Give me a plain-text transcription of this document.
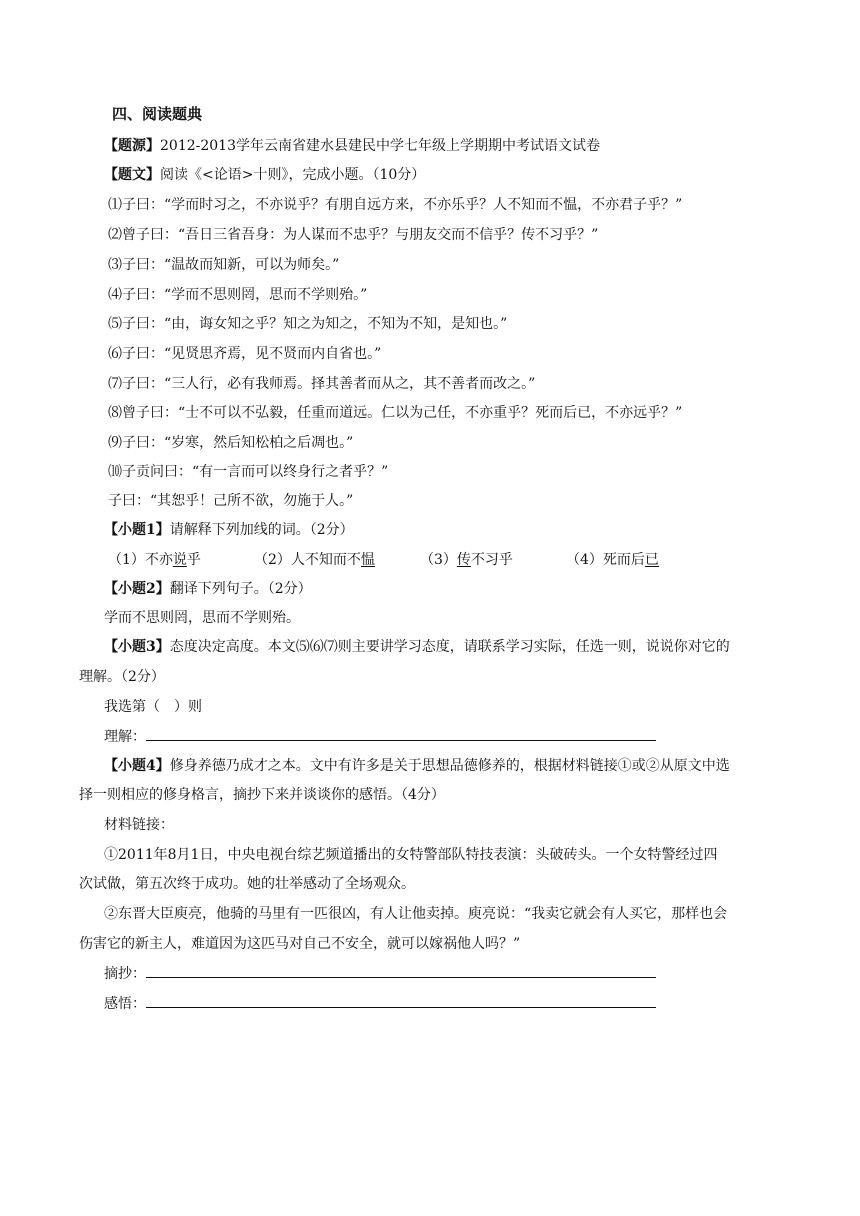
四、阅读题典
【题源】2012-2013学年云南省建水县建民中学七年级上学期期中考试语文试卷
【题文】阅读《<论语>十则》，完成小题。（10分）
⑴子曰：“学而时习之，不亦说乎？有朋自远方来，不亦乐乎？人不知而不愠，不亦君子乎？”
⑵曾子曰：“吾日三省吾身：为人谋而不忠乎？与朋友交而不信乎？传不习乎？”
⑶子曰：“温故而知新，可以为师矣。”
⑷子曰：“学而不思则罔，思而不学则殆。”
⑸子曰：“由，诲女知之乎？知之为知之，不知为不知，是知也。”
⑹子曰：“见贤思齐焉，见不贤而内自省也。”
⑺子曰：“三人行，必有我师焉。择其善者而从之，其不善者而改之。”
⑻曾子曰：“士不可以不弘毅，任重而道远。仁以为己任，不亦重乎？死而后已，不亦远乎？”
⑼子曰：“岁寒，然后知松柏之后凋也。”
⑽子贡问曰：“有一言而可以终身行之者乎？”
子曰：“其恕乎！己所不欲，勿施于人。”
【小题1】请解释下列加线的词。（2分）
（1）不亦说乎	（2）人不知而不愠	（3）传不习乎	（4）死而后已
【小题2】翻译下列句子。（2分）
学而不思则罔，思而不学则殆。
【小题3】态度决定高度。本文⑸⑹⑺则主要讲学习态度，请联系学习实际，任选一则，说说你对它的
理解。（2分）
我选第（　）则
理解：
【小题4】修身养德乃成才之本。文中有许多是关于思想品德修养的，根据材料链接①或②从原文中选
择一则相应的修身格言，摘抄下来并谈谈你的感悟。（4分）
材料链接：
①2011年8月1日，中央电视台综艺频道播出的女特警部队特技表演：头破砖头。一个女特警经过四
次试做，第五次终于成功。她的壮举感动了全场观众。
②东晋大臣庾亮，他骑的马里有一匹很凶，有人让他卖掉。庾亮说：“我卖它就会有人买它，那样也会
伤害它的新主人，难道因为这匹马对自己不安全，就可以嫁祸他人吗？”
摘抄：
感悟：
